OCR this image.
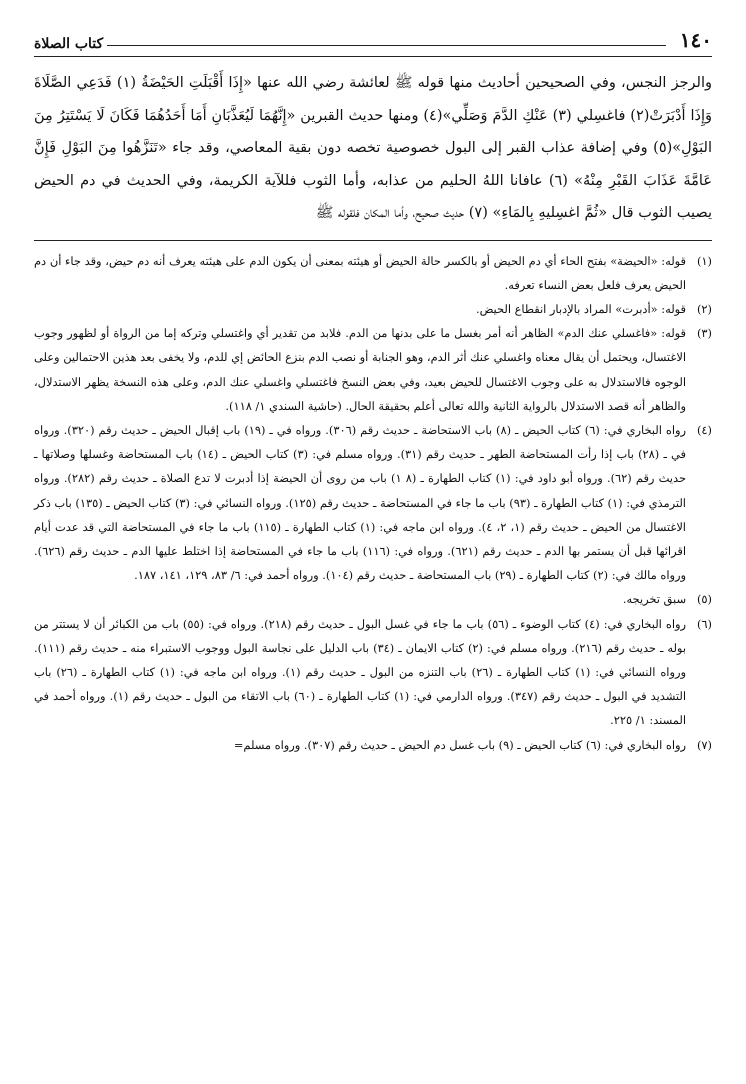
١٤٠
كتاب الصلاة

والرجز النجس، وفي الصحيحين أحاديث منها قوله ﷺ لعائشة رضي الله عنها «إِذَا أَقْبَلَتِ الحَيْضَةُ (١) فَدَعِي الصَّلَاةَ وَإِذَا أَدْبَرَتْ(٢) فاغسِلي (٣) عَنْكِ الدَّمَ وَصَلِّي»(٤) ومنها حديث القبرين «إِنَّهُمَا لَيُعَذَّبَانِ أَمَا أَحَدُهُمَا فَكَانَ لَا يَسْتَتِرُ مِنَ البَوْلِ»(٥) وفي إضافة عذاب القبر إلى البول خصوصية تخصه دون بقية المعاصي، وقد جاء «تَنَزَّهُوا مِنَ البَوْلِ فَإِنَّ عَامَّةَ عَذَابَ القَبْرِ مِنْهُ» (٦) عافانا اللهُ الحليم من عذابه، وأما الثوب فللآية الكريمة، وفي الحديث في دم الحيض يصيب الثوب قال «ثُمَّ اغسِليهِ بِالمَاءِ» (٧) حديث صحيح، وأما المكان فلقوله ﷺ

(١)
قوله: «الحيضة» بفتح الحاء أي دم الحيض أو بالكسر حالة الحيض أو هيئته بمعنى أن يكون الدم على هيئته يعرف أنه دم حيض، وقد جاء أن دم الحيض يعرف فلعل بعض النساء تعرفه.
(٢)
قوله: «أدبرت» المراد بالإدبار انقطاع الحيض.
(٣)
قوله: «فاغسلي عنك الدم» الظاهر أنه أمر بغسل ما على بدنها من الدم. فلابد من تقدير أي واغتسلي وتركه إما من الرواة أو لظهور وجوب الاغتسال، ويحتمل أن يقال معناه واغسلي عنك أثر الدم، وهو الجنابة أو نصب الدم بنزع الحائض إي للدم، ولا يخفى بعد هذين الاحتمالين وعلى الوجوه فالاستدلال به على وجوب الاغتسال للحيض بعيد، وفي بعض النسخ فاغتسلي واغسلي عنك الدم، وعلى هذه النسخة يظهر الاستدلال، والظاهر أنه قصد الاستدلال بالرواية الثانية والله تعالى أعلم بحقيقة الحال. (حاشية السندي ١/ ١١٨).
(٤)
رواه البخاري في: (٦) كتاب الحيض ـ (٨) باب الاستحاضة ـ حديث رقم (٣٠٦). ورواه في ـ (١٩) باب إقبال الحيض ـ حديث رقم (٣٢٠). ورواه في ـ (٢٨) باب إذا رأت المستحاضة الطهر ـ حديث رقم (٣١). ورواه مسلم في: (٣) كتاب الحيض ـ (١٤) باب المستحاضة وغسلها وصلاتها ـ حديث رقم (٦٢). ورواه أبو داود في: (١) كتاب الطهارة ـ (٨ ١) باب من روى أن الحيضة إذا أدبرت لا تدع الصلاة ـ حديث رقم (٢٨٢). ورواه الترمذي في: (١) كتاب الطهارة ـ (٩٣) باب ما جاء في المستحاضة ـ حديث رقم (١٢٥). ورواه النسائي في: (٣) كتاب الحيض ـ (١٣٥) باب ذكر الاغتسال من الحيض ـ حديث رقم (١، ٢، ٤). ورواه ابن ماجه في: (١) كتاب الطهارة ـ (١١٥) باب ما جاء في المستحاضة التي قد عدت أيام اقرائها قبل أن يستمر بها الدم ـ حديث رقم (٦٢١). ورواه في: (١١٦) باب ما جاء في المستحاضة إذا اختلط عليها الدم ـ حديث رقم (٦٢٦). ورواه مالك في: (٢) كتاب الطهارة ـ (٢٩) باب المستحاضة ـ حديث رقم (١٠٤). ورواه أحمد في: ٦/ ٨٣، ١٢٩، ١٤١، ١٨٧.
(٥)
سبق تخريجه.
(٦)
رواه البخاري في: (٤) كتاب الوضوء ـ (٥٦) باب ما جاء في غسل البول ـ حديث رقم (٢١٨). ورواه في: (٥٥) باب من الكبائر أن لا يستتر من بوله ـ حديث رقم (٢١٦). ورواه مسلم في: (٢) كتاب الايمان ـ (٣٤) باب الدليل على نجاسة البول ووجوب الاستبراء منه ـ حديث رقم (١١١). ورواه النسائي في: (١) كتاب الطهارة ـ (٢٦) باب التنزه من البول ـ حديث رقم (١). ورواه ابن ماجه في: (١) كتاب الطهارة ـ (٢٦) باب التشديد في البول ـ حديث رقم (٣٤٧). ورواه الدارمي في: (١) كتاب الطهارة ـ (٦٠) باب الاتقاء من البول ـ حديث رقم (١). ورواه أحمد في المسند: ١/ ٢٢٥.
(٧)
رواه البخاري في: (٦) كتاب الحيض ـ (٩) باب غسل دم الحيض ـ حديث رقم (٣٠٧). ورواه مسلم=
